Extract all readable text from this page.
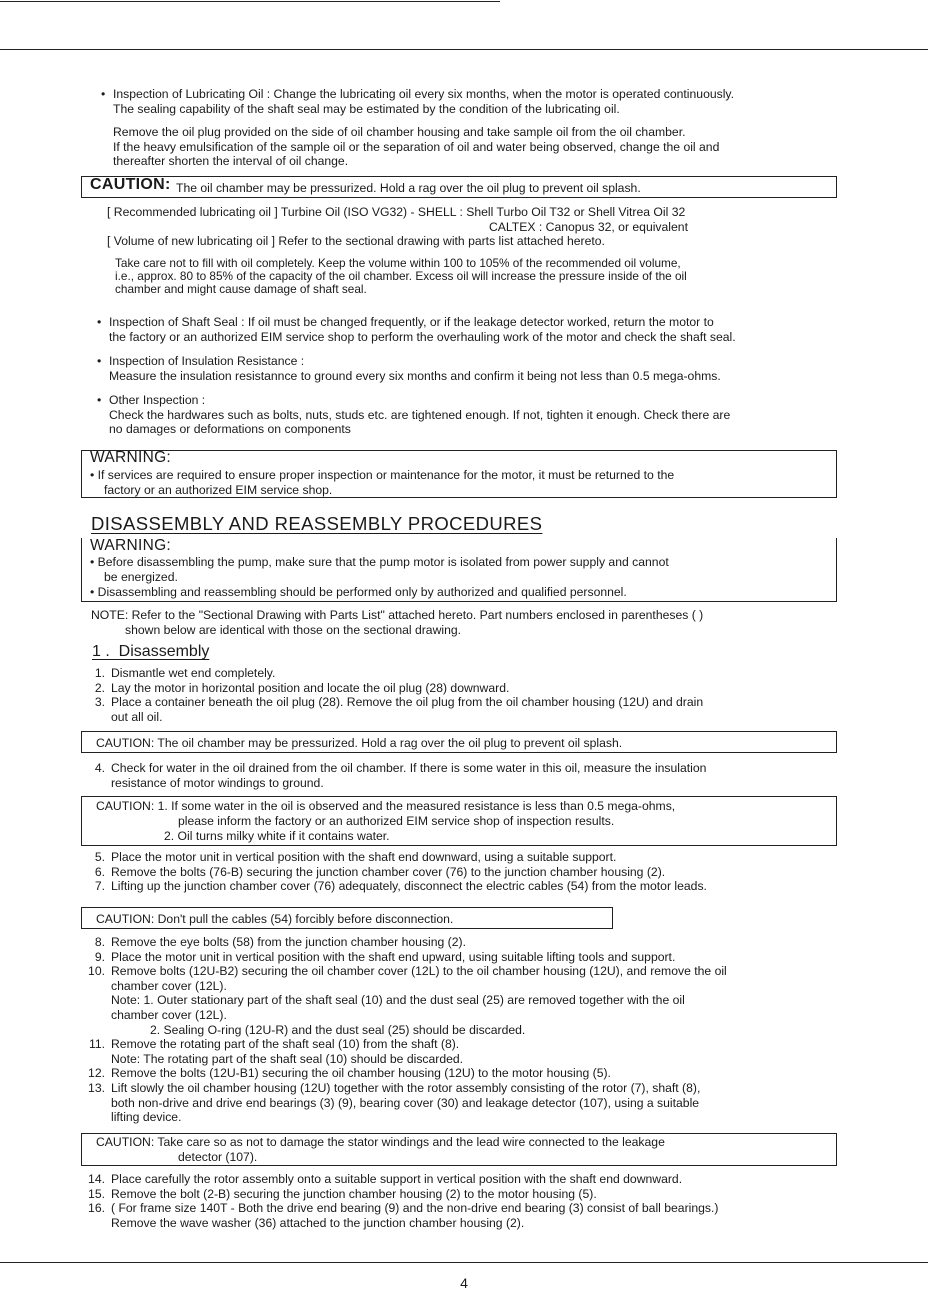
• Inspection of Lubricating Oil : Change the lubricating oil every six months, when the motor is operated continuously.
The sealing capability of the shaft seal may be estimated by the condition of the lubricating oil.
Remove the oil plug provided on the side of oil chamber housing and take sample oil from the oil chamber.
If the heavy emulsification of the sample oil or the separation of oil and water being observed, change the oil and
thereafter shorten the interval of oil change.
CAUTION: The oil chamber may be pressurized. Hold a rag over the oil plug to prevent oil splash.
[ Recommended lubricating oil ] Turbine Oil (ISO VG32) - SHELL : Shell Turbo Oil T32 or Shell Vitrea Oil 32
CALTEX : Canopus 32, or equivalent
[ Volume of new lubricating oil ] Refer to the sectional drawing with parts list attached hereto.
Take care not to fill with oil completely. Keep the volume within 100 to 105% of the recommended oil volume,
i.e., approx. 80 to 85% of the capacity of the oil chamber. Excess oil will increase the pressure inside of the oil
chamber and might cause damage of shaft seal.
• Inspection of Shaft Seal : If oil must be changed frequently, or if the leakage detector worked, return the motor to
the factory or an authorized EIM service shop to perform the overhauling work of the motor and check the shaft seal.
• Inspection of Insulation Resistance :
Measure the insulation resistannce to ground every six months and confirm it being not less than 0.5 mega-ohms.
• Other Inspection :
Check the hardwares such as bolts, nuts, studs etc. are tightened enough. If not, tighten it enough. Check there are
no damages or deformations on components
WARNING:
• If services are required to ensure proper inspection or maintenance for the motor, it must be returned to the
factory or an authorized EIM service shop.
DISASSEMBLY AND REASSEMBLY PROCEDURES
WARNING:
• Before disassembling the pump, make sure that the pump motor is isolated from power supply and cannot
be energized.
• Disassembling and reassembling should be performed only by authorized and qualified personnel.
NOTE: Refer to the "Sectional Drawing with Parts List" attached hereto. Part numbers enclosed in parentheses ( )
shown below are identical with those on the sectional drawing.
1 .  Disassembly
1. Dismantle wet end completely.
2. Lay the motor in horizontal position and locate the oil plug (28) downward.
3. Place a container beneath the oil plug (28). Remove the oil plug from the oil chamber housing (12U) and drain
out all oil.
CAUTION: The oil chamber may be pressurized. Hold a rag over the oil plug to prevent oil splash.
4. Check for water in the oil drained from the oil chamber. If there is some water in this oil, measure the insulation
resistance of motor windings to ground.
CAUTION: 1. If some water in the oil is observed and the measured resistance is less than 0.5 mega-ohms,
please inform the factory or an authorized EIM service shop of inspection results.
2. Oil turns milky white if it contains water.
5. Place the motor unit in vertical position with the shaft end downward, using a suitable support.
6. Remove the bolts (76-B) securing the junction chamber cover (76) to the junction chamber housing (2).
7. Lifting up the junction chamber cover (76) adequately, disconnect the electric cables (54) from the motor leads.
CAUTION: Don't pull the cables (54) forcibly before disconnection.
8. Remove the eye bolts (58) from the junction chamber housing (2).
9. Place the motor unit in vertical position with the shaft end upward, using suitable lifting tools and support.
10. Remove bolts (12U-B2) securing the oil chamber cover (12L) to the oil chamber housing (12U), and remove the oil
chamber cover (12L).
Note: 1. Outer stationary part of the shaft seal (10) and the dust seal (25) are removed together with the oil
chamber cover (12L).
2. Sealing O-ring (12U-R) and the dust seal (25) should be discarded.
11. Remove the rotating part of the shaft seal (10) from the shaft (8).
Note: The rotating part of the shaft seal (10) should be discarded.
12. Remove the bolts (12U-B1) securing the oil chamber housing (12U) to the motor housing (5).
13. Lift slowly the oil chamber housing (12U) together with the rotor assembly consisting of the rotor (7), shaft (8),
both non-drive and drive end bearings (3) (9), bearing cover (30) and leakage detector (107), using a suitable
lifting device.
CAUTION: Take care so as not to damage the stator windings and the lead wire connected to the leakage
detector (107).
14. Place carefully the rotor assembly onto a suitable support in vertical position with the shaft end downward.
15. Remove the bolt (2-B) securing the junction chamber housing (2) to the motor housing (5).
16. ( For frame size 140T - Both the drive end bearing (9) and the non-drive end bearing (3) consist of ball bearings.)
Remove the wave washer (36) attached to the junction chamber housing (2).
4
